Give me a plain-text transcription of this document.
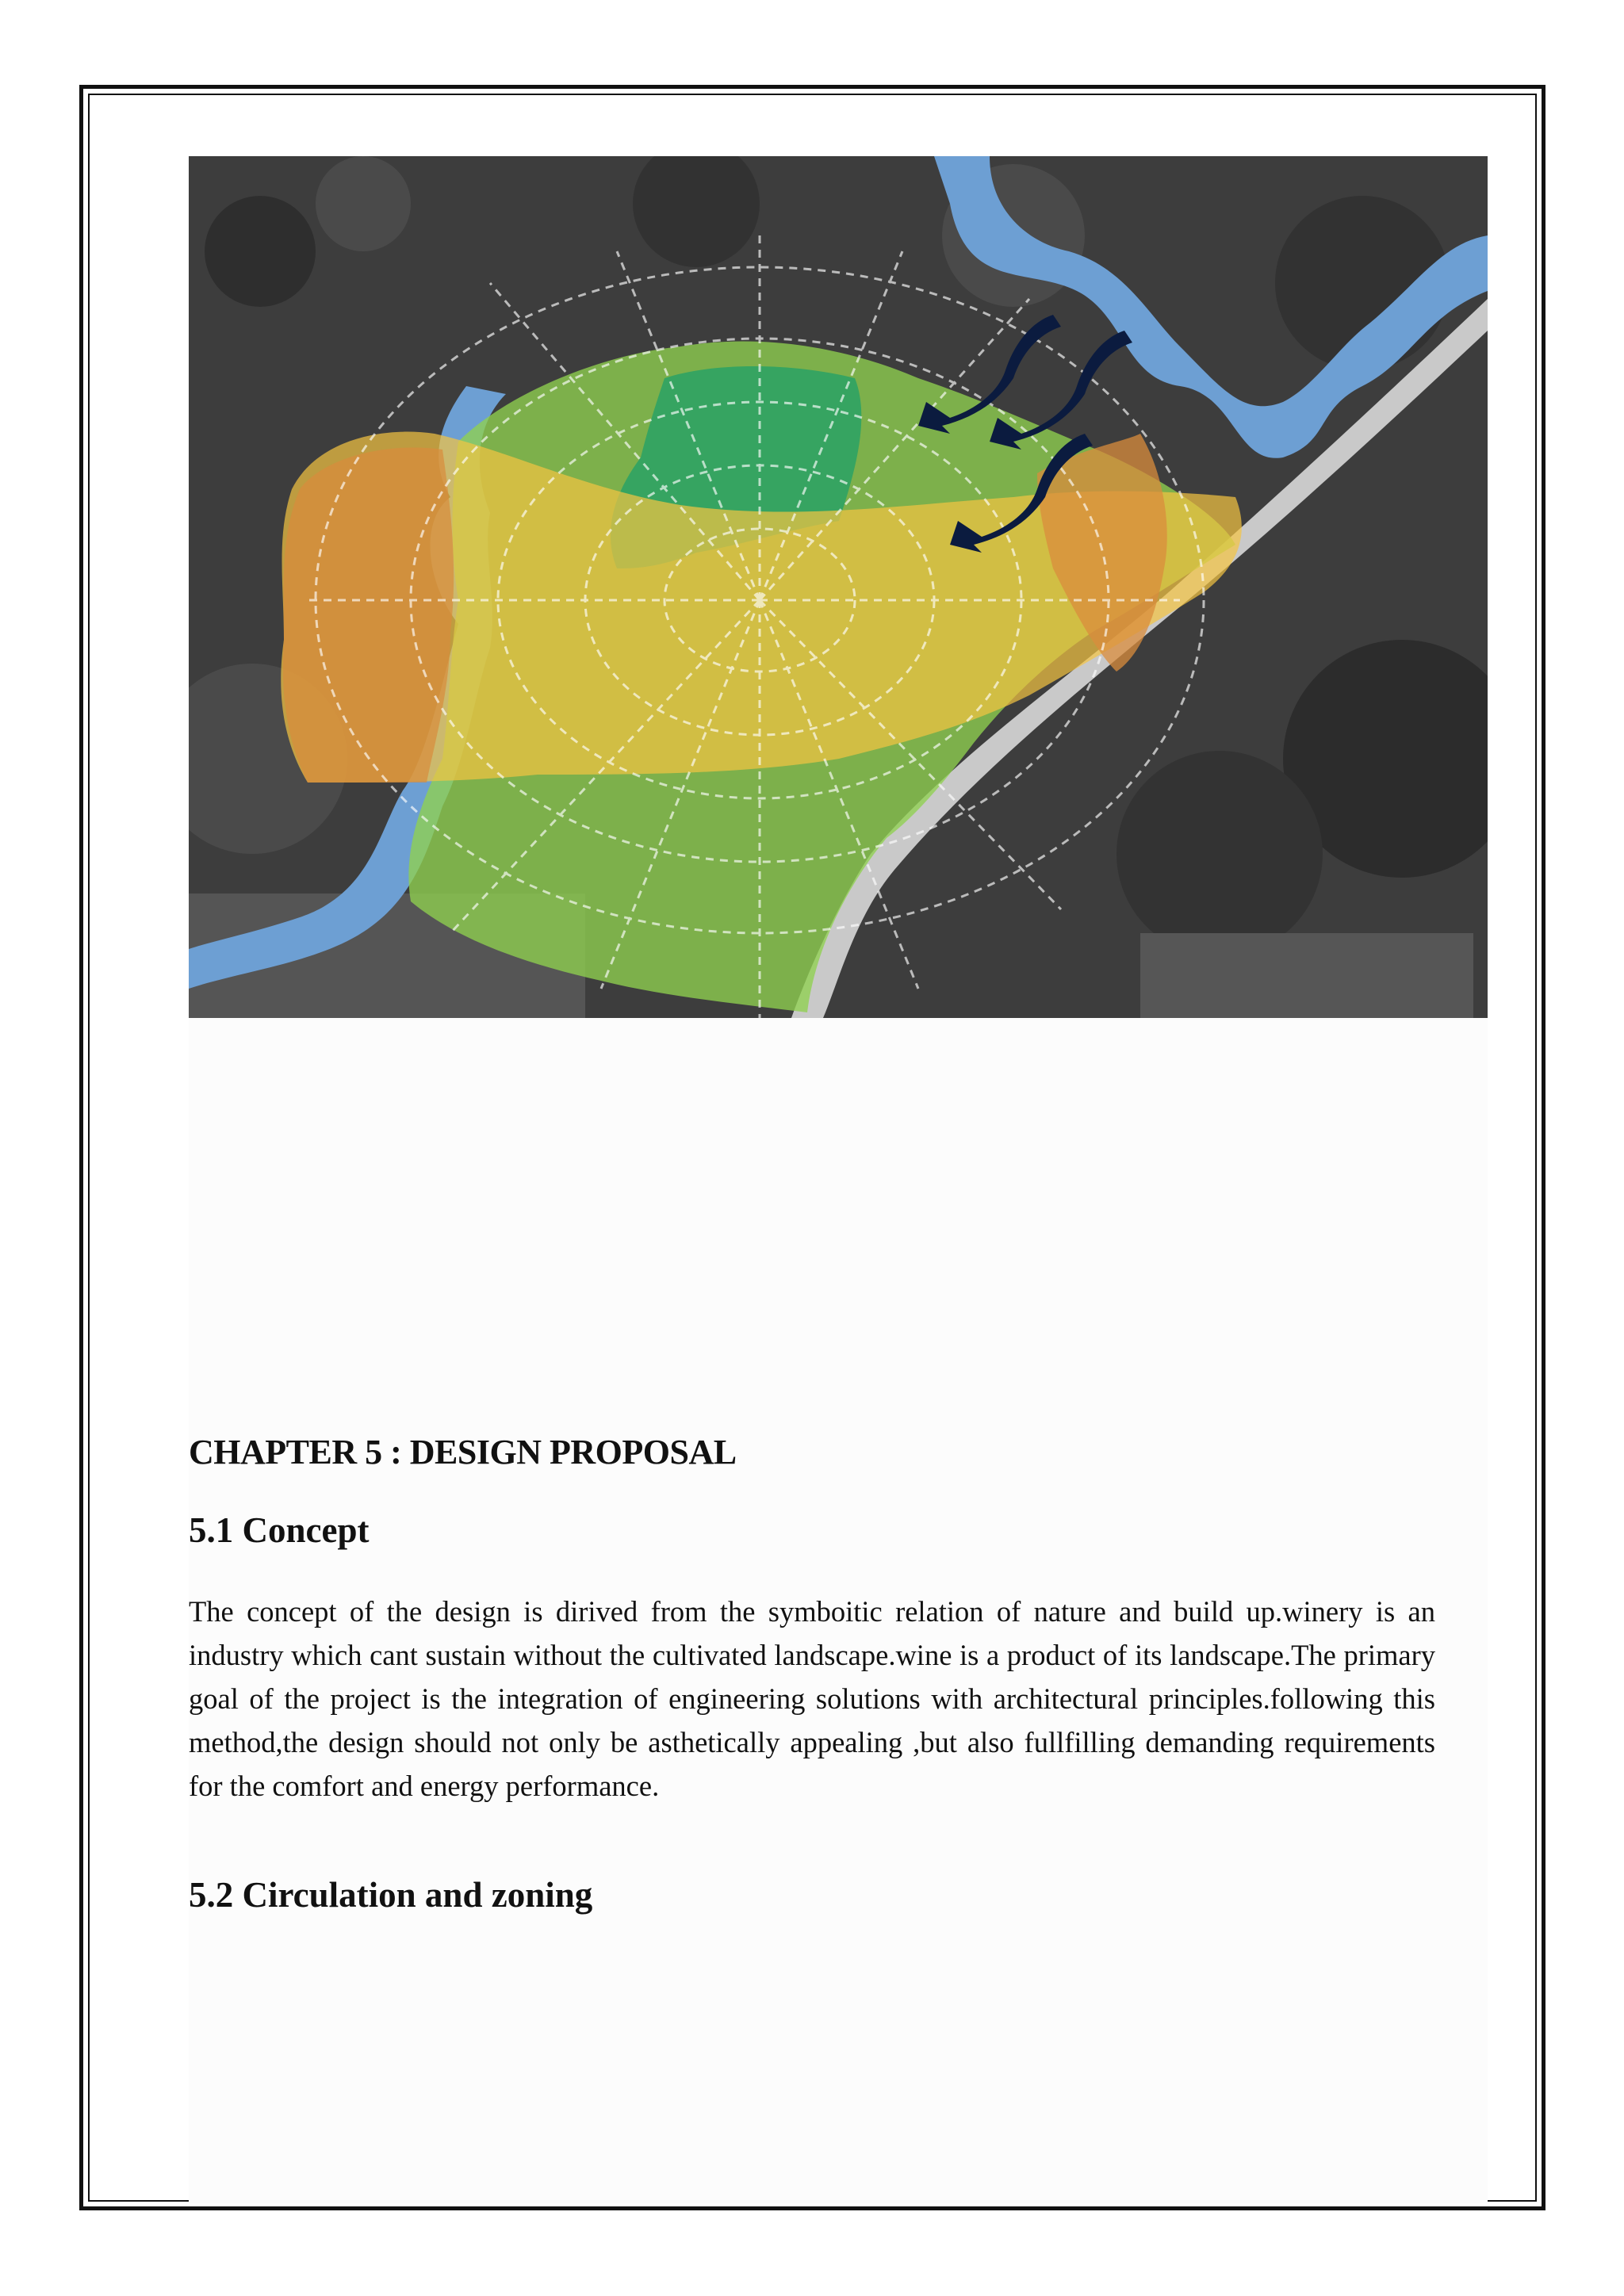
CHAPTER 5 : DESIGN PROPOSAL
5.1 Concept
The concept of the design is dirived from the symboitic relation of nature and build up.winery is an industry which cant sustain without the cultivated landscape.wine is a product of its landscape.The primary goal of the project is the integration of engineering solutions with architectural principles.following this method,the design should not only be asthetically appealing ,but also fullfilling demanding requirements for the comfort and energy performance.
5.2 Circulation and zoning
